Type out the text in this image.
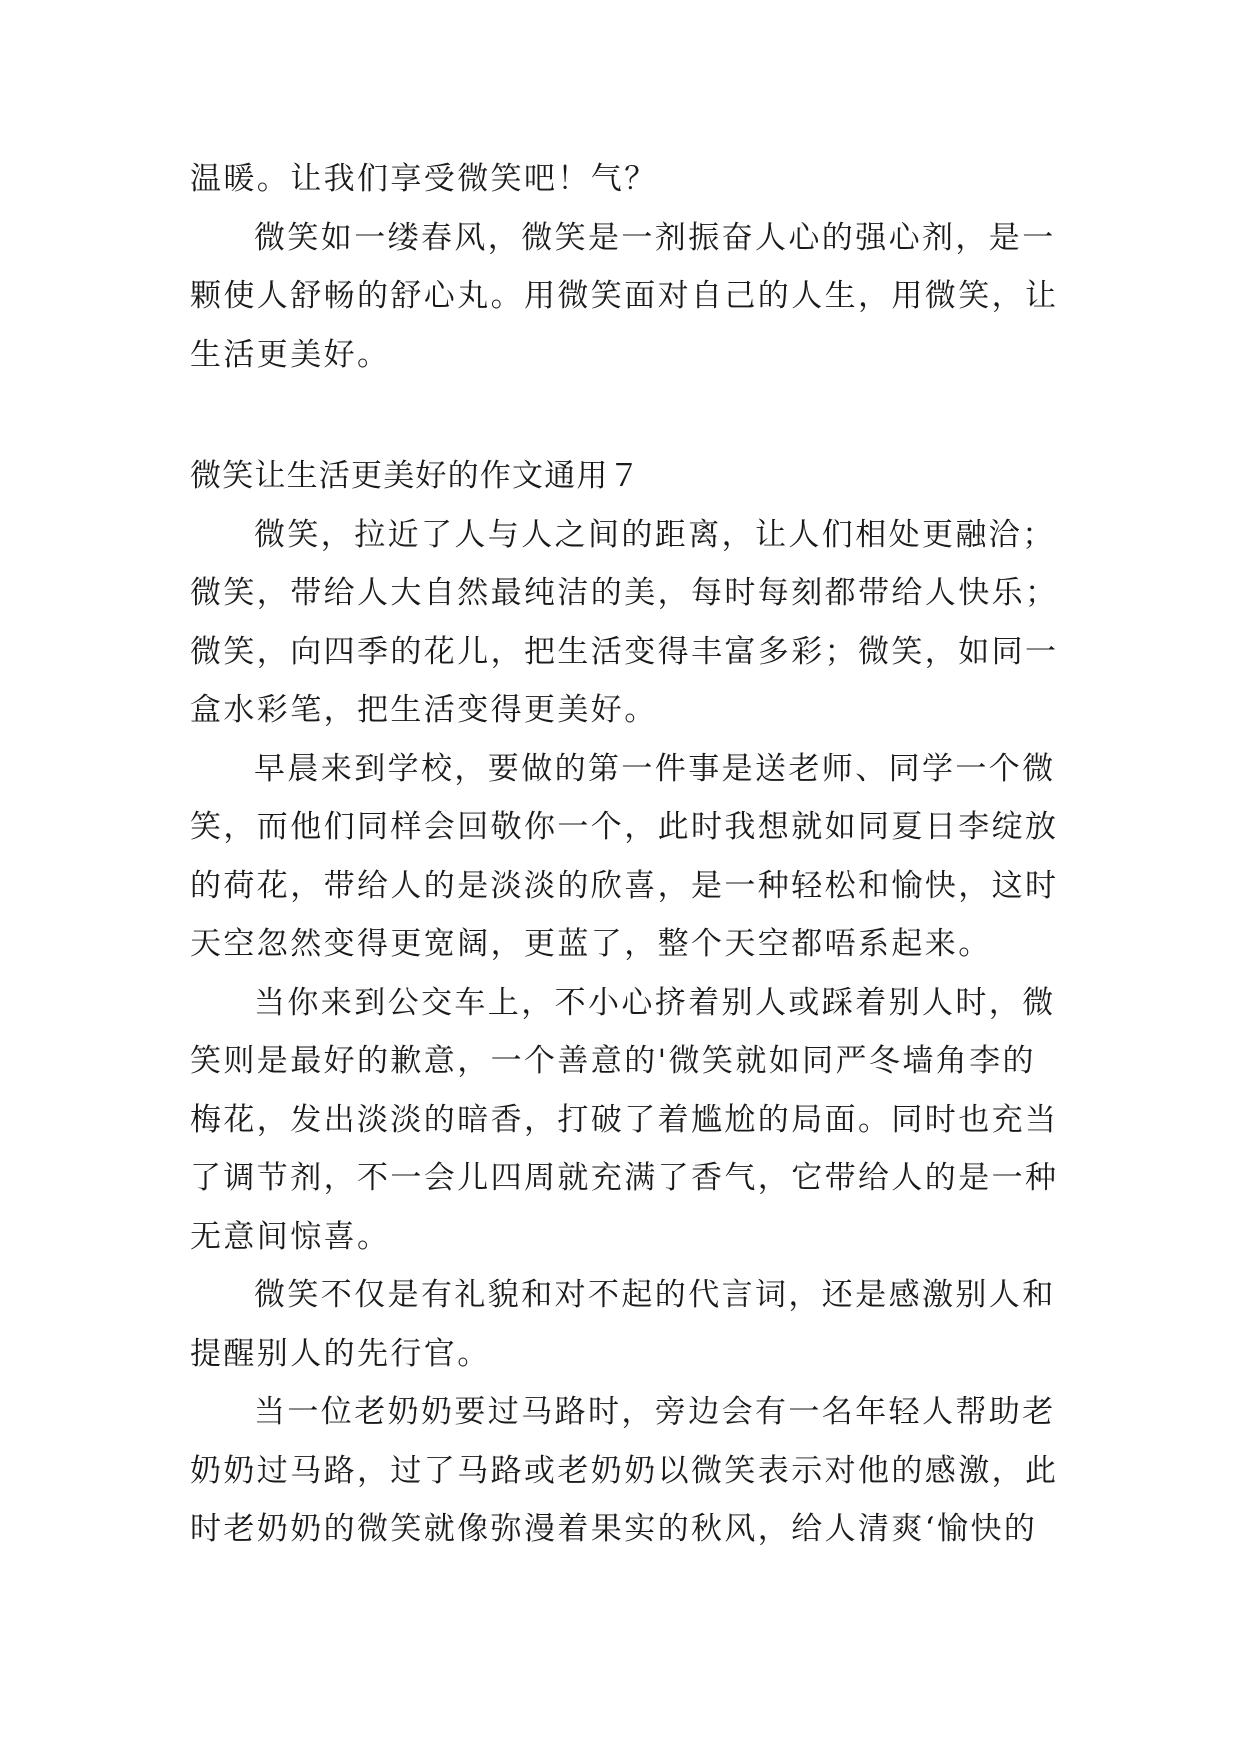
温暖。让我们享受微笑吧！气？
微笑如一缕春风，微笑是一剂振奋人心的强心剂，是一
颗使人舒畅的舒心丸。用微笑面对自己的人生，用微笑，让
生活更美好。
微笑让生活更美好的作文通用７
微笑，拉近了人与人之间的距离，让人们相处更融洽；
微笑，带给人大自然最纯洁的美，每时每刻都带给人快乐；
微笑，向四季的花儿，把生活变得丰富多彩；微笑，如同一
盒水彩笔，把生活变得更美好。
早晨来到学校，要做的第一件事是送老师、同学一个微
笑，而他们同样会回敬你一个，此时我想就如同夏日李绽放
的荷花，带给人的是淡淡的欣喜，是一种轻松和愉快，这时
天空忽然变得更宽阔，更蓝了，整个天空都唔系起来。
当你来到公交车上，不小心挤着别人或踩着别人时，微
笑则是最好的歉意，一个善意的'微笑就如同严冬墙角李的
梅花，发出淡淡的暗香，打破了着尴尬的局面。同时也充当
了调节剂，不一会儿四周就充满了香气，它带给人的是一种
无意间惊喜。
微笑不仅是有礼貌和对不起的代言词，还是感激别人和
提醒别人的先行官。
当一位老奶奶要过马路时，旁边会有一名年轻人帮助老
奶奶过马路，过了马路或老奶奶以微笑表示对他的感激，此
时老奶奶的微笑就像弥漫着果实的秋风，给人清爽‘愉快的
